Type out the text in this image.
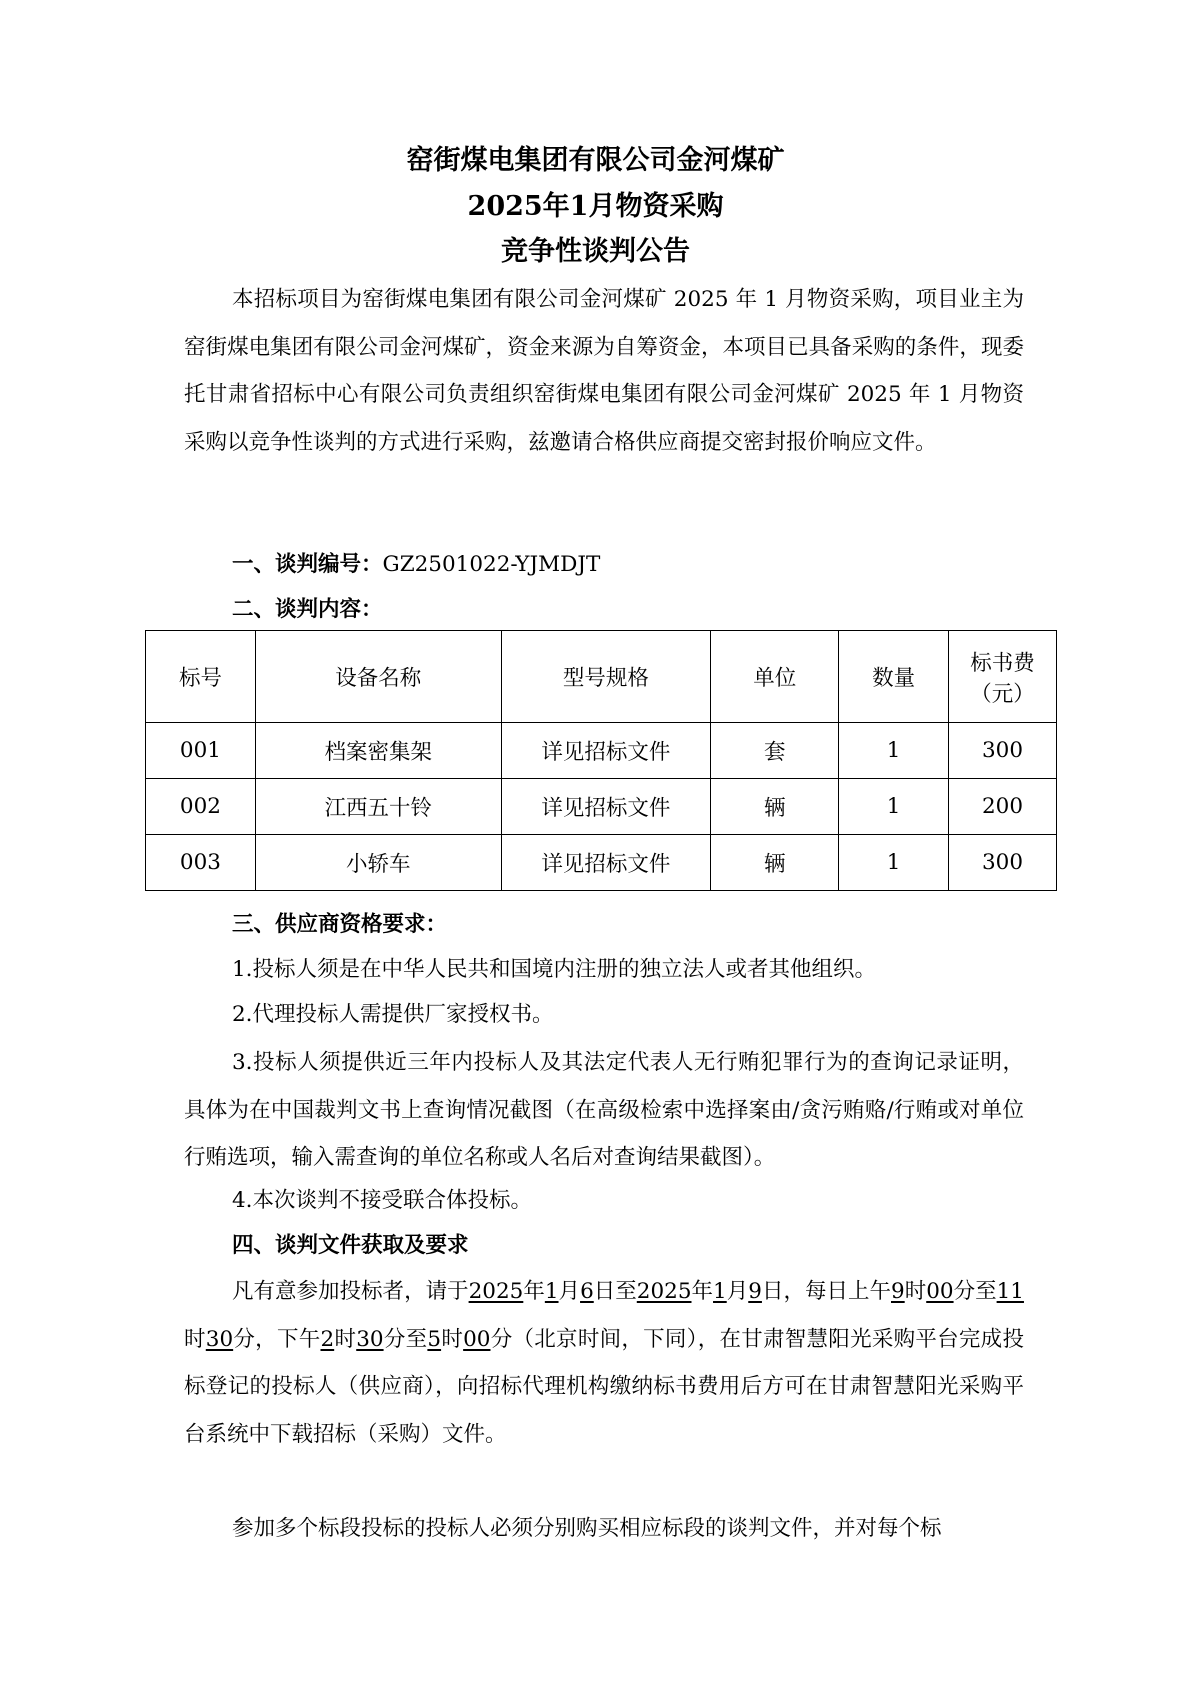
窑街煤电集团有限公司金河煤矿
2025年1月物资采购
竞争性谈判公告

本招标项目为窑街煤电集团有限公司金河煤矿 2025 年 1 月物资采购，项目业主为窑街煤电集团有限公司金河煤矿，资金来源为自筹资金，本项目已具备采购的条件，现委托甘肃省招标中心有限公司负责组织窑街煤电集团有限公司金河煤矿 2025 年 1 月物资采购以竞争性谈判的方式进行采购，兹邀请合格供应商提交密封报价响应文件。

一、谈判编号：GZ2501022-YJMDJT
二、谈判内容：
标号	设备名称	型号规格	单位	数量	标书费
（元）

001	档案密集架	详见招标文件	套	1	300
002	江西五十铃	详见招标文件	辆	1	200
003	小轿车	详见招标文件	辆	1	300
三、供应商资格要求：
1.投标人须是在中华人民共和国境内注册的独立法人或者其他组织。
2.代理投标人需提供厂家授权书。

3.投标人须提供近三年内投标人及其法定代表人无行贿犯罪行为的查询记录证明，具体为在中国裁判文书上查询情况截图（在高级检索中选择案由/贪污贿赂/行贿或对单位行贿选项，输入需查询的单位名称或人名后对查询结果截图）。

4.本次谈判不接受联合体投标。
四、谈判文件获取及要求

凡有意参加投标者，请于2025年1月6日至2025年1月9日，每日上午9时00分至11时30分，下午2时30分至5时00分（北京时间，下同），在甘肃智慧阳光采购平台完成投标登记的投标人（供应商），向招标代理机构缴纳标书费用后方可在甘肃智慧阳光采购平台系统中下载招标（采购）文件。

参加多个标段投标的投标人必须分别购买相应标段的谈判文件，并对每个标
